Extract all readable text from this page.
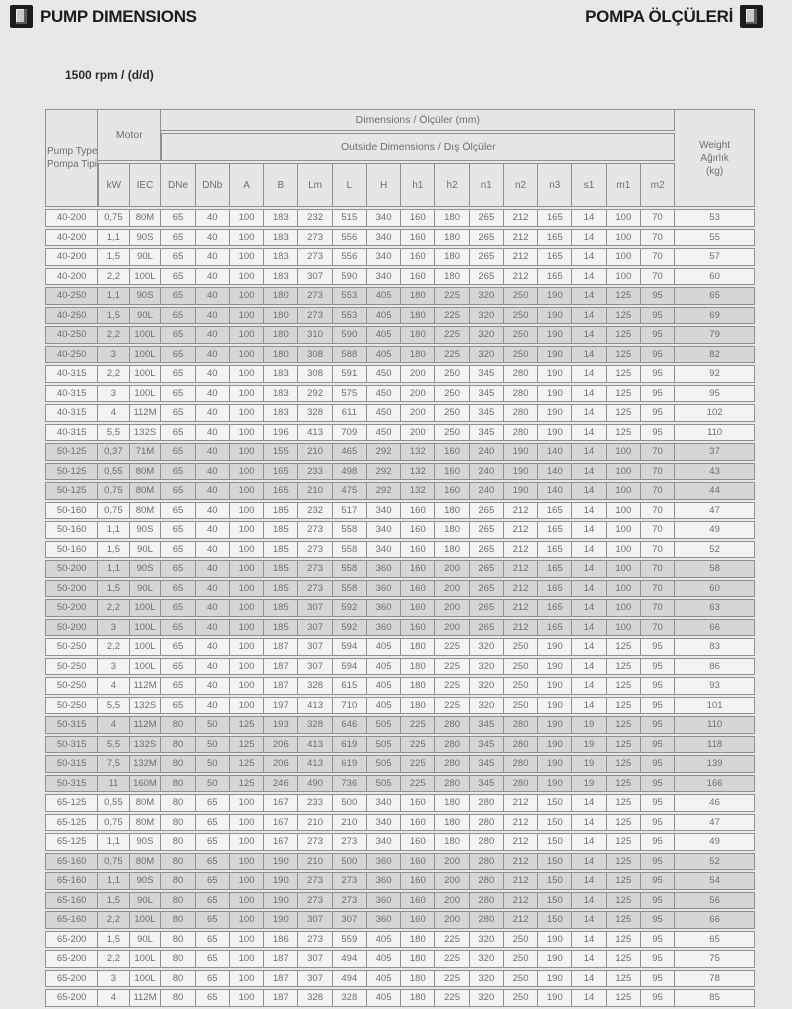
PUMP DIMENSIONS	POMPA ÖLÇÜLERİ
1500 rpm / (d/d)
Pump Type
Pompa Tipi
	Motor	Dimensions / Ölçüler (mm)	
Weight
Ağırlık
(kg)

			Outside Dimensions / Dış Ölçüler															
	kW	IEC	DNe	DNb	A	B	Lm	L	H	h1	h2	n1	n2	n3	s1	m1	m2	
40-200	0,75	80M	65	40	100	183	232	515	340	160	180	265	212	165	14	100	70	53
40-200	1,1	90S	65	40	100	183	273	556	340	160	180	265	212	165	14	100	70	55
40-200	1,5	90L	65	40	100	183	273	556	340	160	180	265	212	165	14	100	70	57
40-200	2,2	100L	65	40	100	183	307	590	340	160	180	265	212	165	14	100	70	60
40-250	1,1	90S	65	40	100	180	273	553	405	180	225	320	250	190	14	125	95	65
40-250	1,5	90L	65	40	100	180	273	553	405	180	225	320	250	190	14	125	95	69
40-250	2,2	100L	65	40	100	180	310	590	405	180	225	320	250	190	14	125	95	79
40-250	3	100L	65	40	100	180	308	588	405	180	225	320	250	190	14	125	95	82
40-315	2,2	100L	65	40	100	183	308	591	450	200	250	345	280	190	14	125	95	92
40-315	3	100L	65	40	100	183	292	575	450	200	250	345	280	190	14	125	95	95
40-315	4	112M	65	40	100	183	328	611	450	200	250	345	280	190	14	125	95	102
40-315	5,5	132S	65	40	100	196	413	709	450	200	250	345	280	190	14	125	95	110
50-125	0,37	71M	65	40	100	155	210	465	292	132	160	240	190	140	14	100	70	37
50-125	0,55	80M	65	40	100	165	233	498	292	132	160	240	190	140	14	100	70	43
50-125	0,75	80M	65	40	100	165	210	475	292	132	160	240	190	140	14	100	70	44
50-160	0,75	80M	65	40	100	185	232	517	340	160	180	265	212	165	14	100	70	47
50-160	1,1	90S	65	40	100	185	273	558	340	160	180	265	212	165	14	100	70	49
50-160	1,5	90L	65	40	100	185	273	558	340	160	180	265	212	165	14	100	70	52
50-200	1,1	90S	65	40	100	185	273	558	360	160	200	265	212	165	14	100	70	58
50-200	1,5	90L	65	40	100	185	273	558	360	160	200	265	212	165	14	100	70	60
50-200	2,2	100L	65	40	100	185	307	592	360	160	200	265	212	165	14	100	70	63
50-200	3	100L	65	40	100	185	307	592	360	160	200	265	212	165	14	100	70	66
50-250	2,2	100L	65	40	100	187	307	594	405	180	225	320	250	190	14	125	95	83
50-250	3	100L	65	40	100	187	307	594	405	180	225	320	250	190	14	125	95	86
50-250	4	112M	65	40	100	187	328	615	405	180	225	320	250	190	14	125	95	93
50-250	5,5	132S	65	40	100	197	413	710	405	180	225	320	250	190	14	125	95	101
50-315	4	112M	80	50	125	193	328	646	505	225	280	345	280	190	19	125	95	110
50-315	5,5	132S	80	50	125	206	413	619	505	225	280	345	280	190	19	125	95	118
50-315	7,5	132M	80	50	125	206	413	619	505	225	280	345	280	190	19	125	95	139
50-315	11	160M	80	50	125	246	490	736	505	225	280	345	280	190	19	125	95	166
65-125	0,55	80M	80	65	100	167	233	500	340	160	180	280	212	150	14	125	95	46
65-125	0,75	80M	80	65	100	167	210	210	340	160	180	280	212	150	14	125	95	47
65-125	1,1	90S	80	65	100	167	273	273	340	160	180	280	212	150	14	125	95	49
65-160	0,75	80M	80	65	100	190	210	500	360	160	200	280	212	150	14	125	95	52
65-160	1,1	90S	80	65	100	190	273	273	360	160	200	280	212	150	14	125	95	54
65-160	1,5	90L	80	65	100	190	273	273	360	160	200	280	212	150	14	125	95	56
65-160	2,2	100L	80	65	100	190	307	307	360	160	200	280	212	150	14	125	95	66
65-200	1,5	90L	80	65	100	186	273	559	405	180	225	320	250	190	14	125	95	65
65-200	2,2	100L	80	65	100	187	307	494	405	180	225	320	250	190	14	125	95	75
65-200	3	100L	80	65	100	187	307	494	405	180	225	320	250	190	14	125	95	78
65-200	4	112M	80	65	100	187	328	328	405	180	225	320	250	190	14	125	95	85
